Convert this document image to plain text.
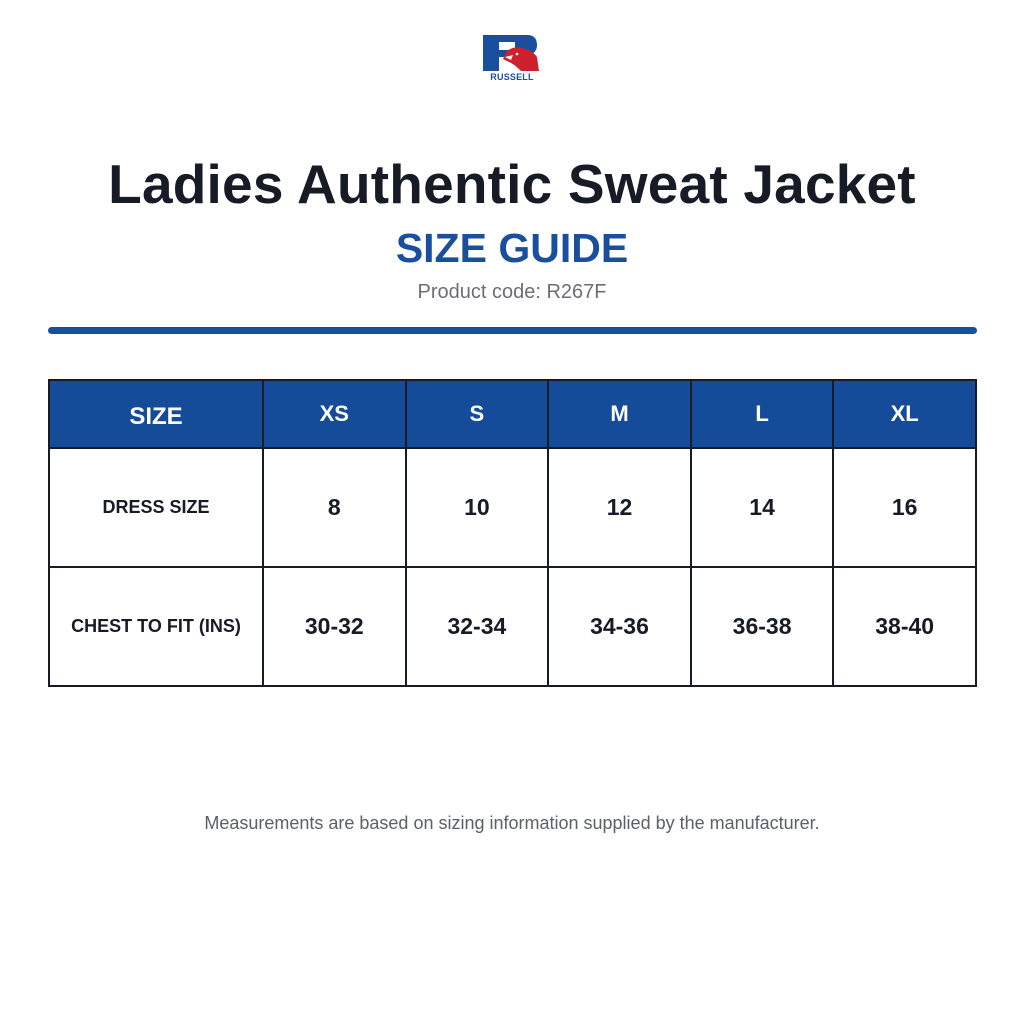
RUSSELL
Ladies Authentic Sweat Jacket
SIZE GUIDE
Product code: R267F
SIZE	XS	S	M	L	XL
DRESS SIZE	8	10	12	14	16
CHEST TO FIT (INS)	30-32	32-34	34-36	36-38	38-40
Measurements are based on sizing information supplied by the manufacturer.
